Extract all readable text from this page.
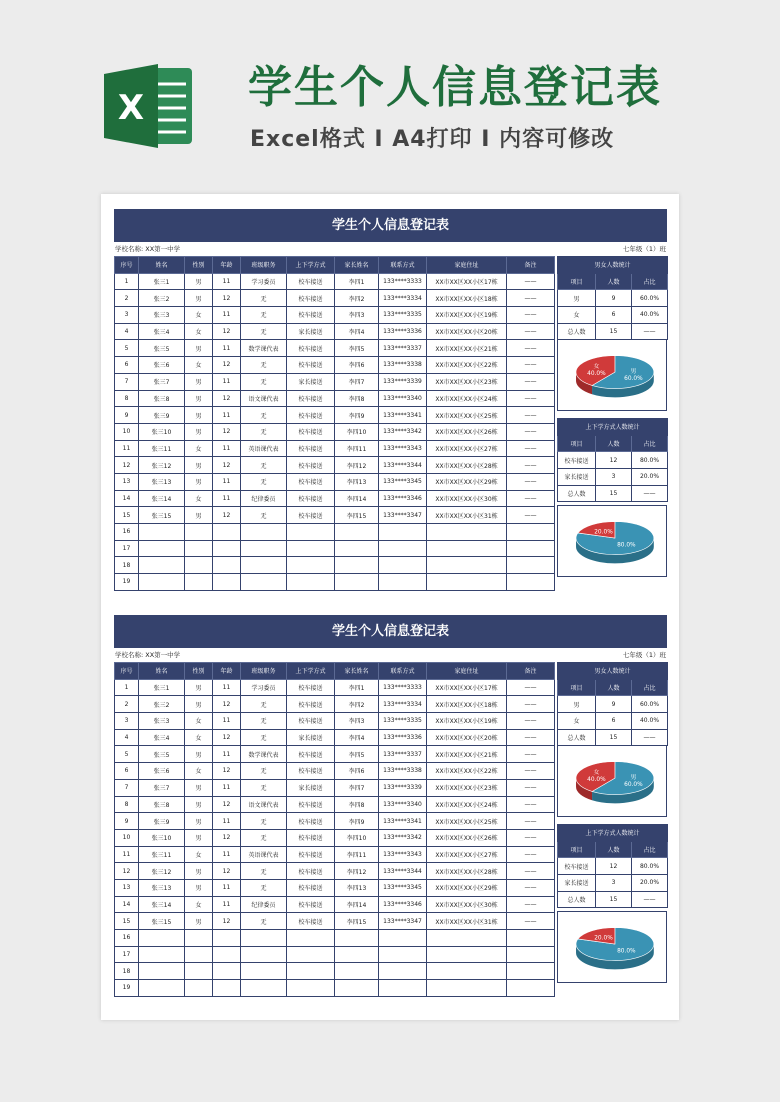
X 学生个人信息登记表
Excel格式 I A4打印 I 内容可修改
学生个人信息登记表
学校名称: XX第一中学	七年级（1）班
序号	姓名	性别	年龄	班级职务	上下学方式	家长姓名	联系方式	家庭住址	备注
1	张三1	男	11	学习委员	校车接送	李四1	133****3333	XX市XX区XX小区17栋	——
2	张三2	男	12	无	校车接送	李四2	133****3334	XX市XX区XX小区18栋	——
3	张三3	女	11	无	校车接送	李四3	133****3335	XX市XX区XX小区19栋	——
4	张三4	女	12	无	家长接送	李四4	133****3336	XX市XX区XX小区20栋	——
5	张三5	男	11	数学课代表	校车接送	李四5	133****3337	XX市XX区XX小区21栋	——
6	张三6	女	12	无	校车接送	李四6	133****3338	XX市XX区XX小区22栋	——
7	张三7	男	11	无	家长接送	李四7	133****3339	XX市XX区XX小区23栋	——
8	张三8	男	12	语文课代表	校车接送	李四8	133****3340	XX市XX区XX小区24栋	——
9	张三9	男	11	无	校车接送	李四9	133****3341	XX市XX区XX小区25栋	——
10	张三10	男	12	无	校车接送	李四10	133****3342	XX市XX区XX小区26栋	——
11	张三11	女	11	英语课代表	校车接送	李四11	133****3343	XX市XX区XX小区27栋	——
12	张三12	男	12	无	校车接送	李四12	133****3344	XX市XX区XX小区28栋	——
13	张三13	男	11	无	校车接送	李四13	133****3345	XX市XX区XX小区29栋	——
14	张三14	女	11	纪律委员	校车接送	李四14	133****3346	XX市XX区XX小区30栋	——
15	张三15	男	12	无	校车接送	李四15	133****3347	XX市XX区XX小区31栋	——
16									
17									
18									
19									
男女人数统计		
项目	人数	占比
男	9	60.0%
女	6	40.0%
总人数	15	——
男
60.0%
女
40.0%
上下学方式人数统计		
项目	人数	占比
校车接送	12	80.0%
家长接送	3	20.0%
总人数	15	——
80.0%
20.0%
学生个人信息登记表
学校名称: XX第一中学	七年级（1）班
序号	姓名	性别	年龄	班级职务	上下学方式	家长姓名	联系方式	家庭住址	备注
1	张三1	男	11	学习委员	校车接送	李四1	133****3333	XX市XX区XX小区17栋	——
2	张三2	男	12	无	校车接送	李四2	133****3334	XX市XX区XX小区18栋	——
3	张三3	女	11	无	校车接送	李四3	133****3335	XX市XX区XX小区19栋	——
4	张三4	女	12	无	家长接送	李四4	133****3336	XX市XX区XX小区20栋	——
5	张三5	男	11	数学课代表	校车接送	李四5	133****3337	XX市XX区XX小区21栋	——
6	张三6	女	12	无	校车接送	李四6	133****3338	XX市XX区XX小区22栋	——
7	张三7	男	11	无	家长接送	李四7	133****3339	XX市XX区XX小区23栋	——
8	张三8	男	12	语文课代表	校车接送	李四8	133****3340	XX市XX区XX小区24栋	——
9	张三9	男	11	无	校车接送	李四9	133****3341	XX市XX区XX小区25栋	——
10	张三10	男	12	无	校车接送	李四10	133****3342	XX市XX区XX小区26栋	——
11	张三11	女	11	英语课代表	校车接送	李四11	133****3343	XX市XX区XX小区27栋	——
12	张三12	男	12	无	校车接送	李四12	133****3344	XX市XX区XX小区28栋	——
13	张三13	男	11	无	校车接送	李四13	133****3345	XX市XX区XX小区29栋	——
14	张三14	女	11	纪律委员	校车接送	李四14	133****3346	XX市XX区XX小区30栋	——
15	张三15	男	12	无	校车接送	李四15	133****3347	XX市XX区XX小区31栋	——
16									
17									
18									
19									
男女人数统计		
项目	人数	占比
男	9	60.0%
女	6	40.0%
总人数	15	——
男
60.0%
女
40.0%
上下学方式人数统计		
项目	人数	占比
校车接送	12	80.0%
家长接送	3	20.0%
总人数	15	——
80.0%
20.0%
